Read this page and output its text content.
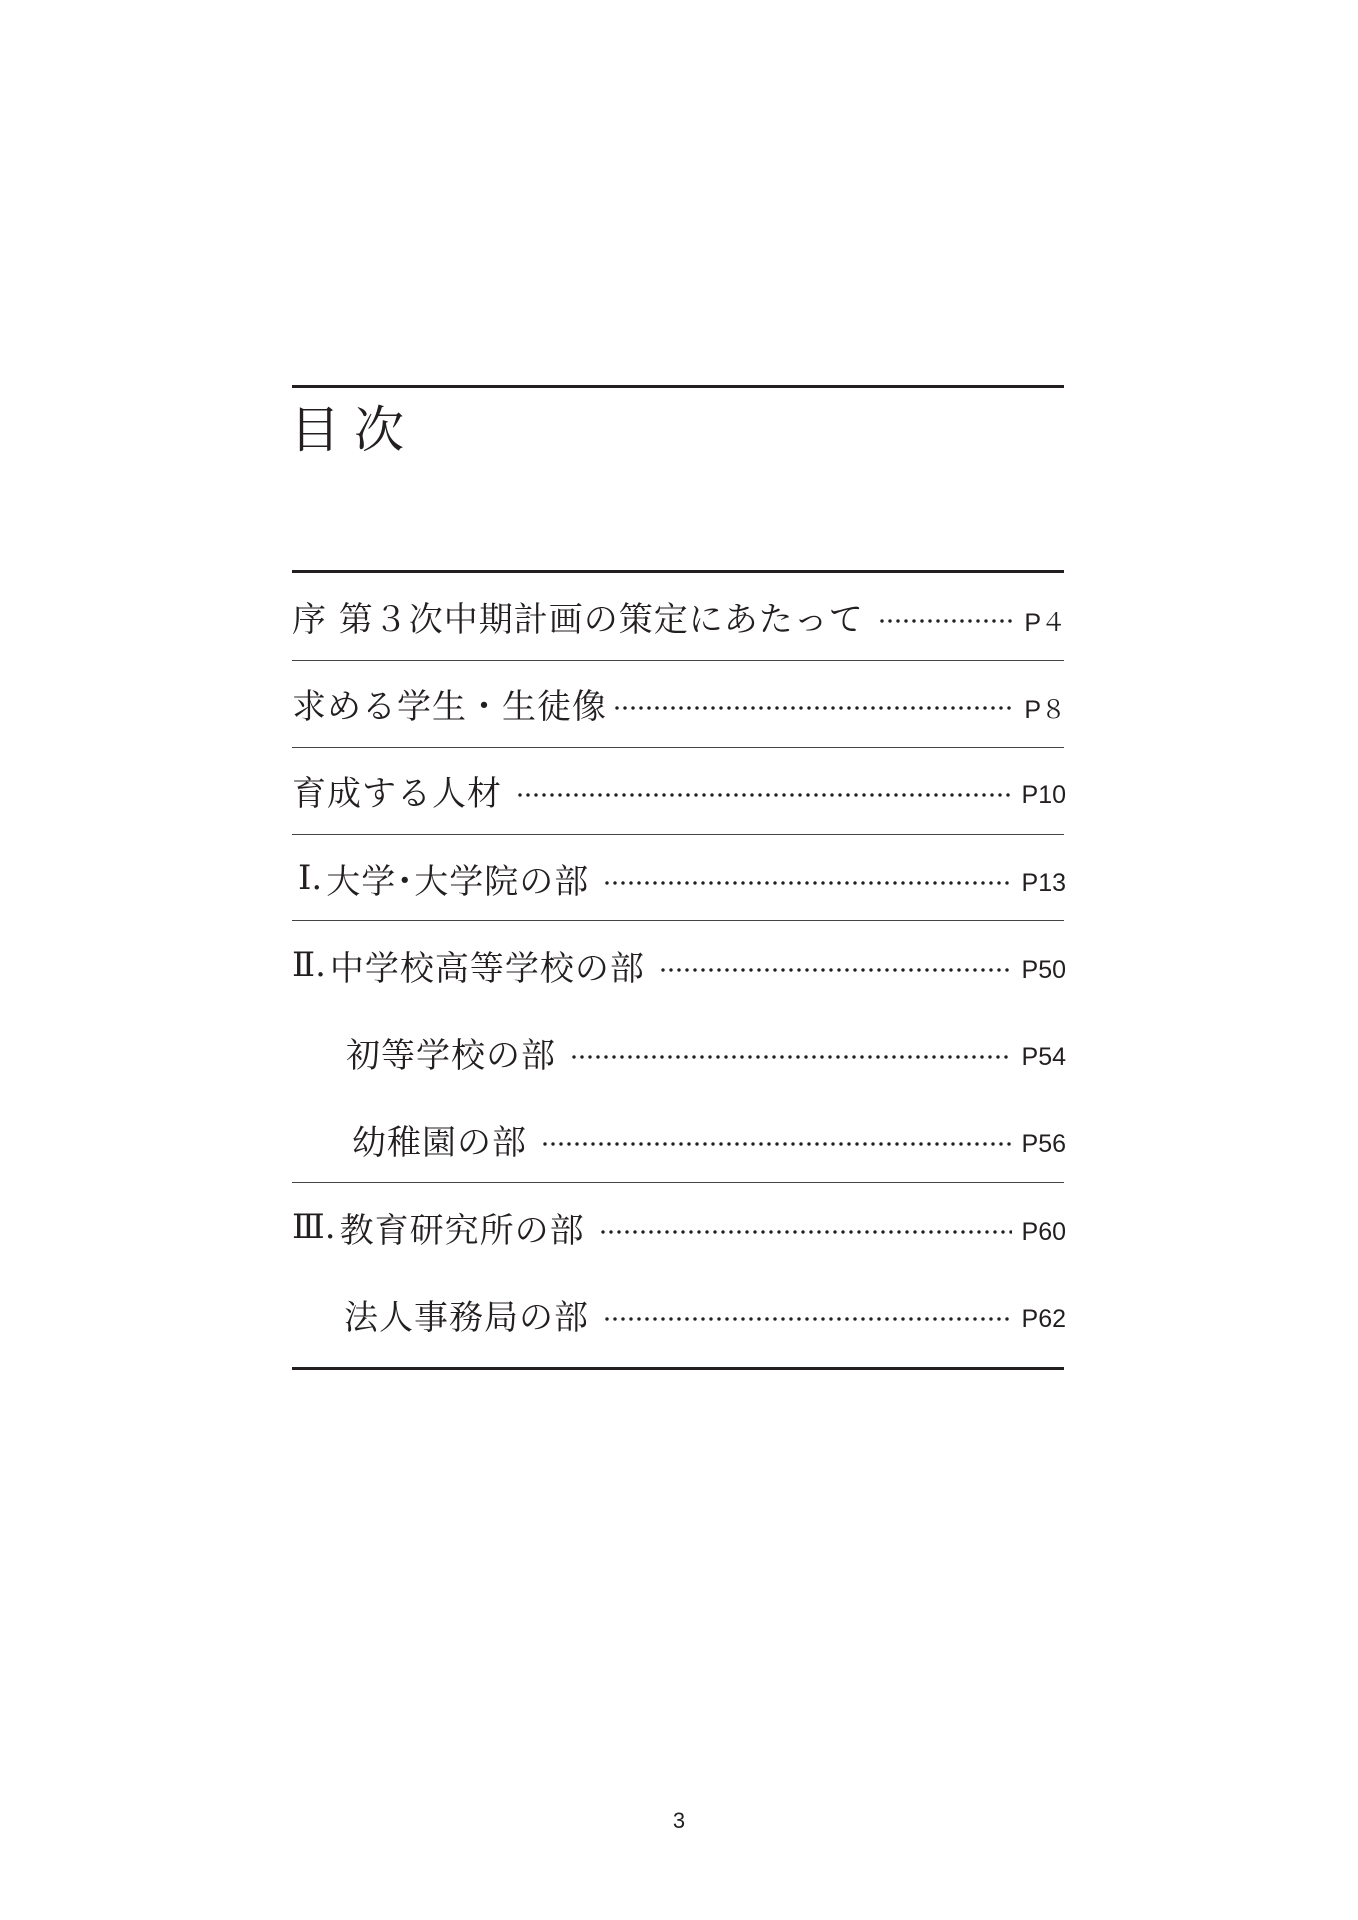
目次
序 第３次中期計画の策定にあたって	P４
求める学生・生徒像	P８
育成する人材	P10
Ⅰ. 大学･大学院の部	P13
Ⅱ. 中学校高等学校の部	P50
初等学校の部	P54
幼稚園の部	P56
Ⅲ. 教育研究所の部	P60
法人事務局の部	P62
3
